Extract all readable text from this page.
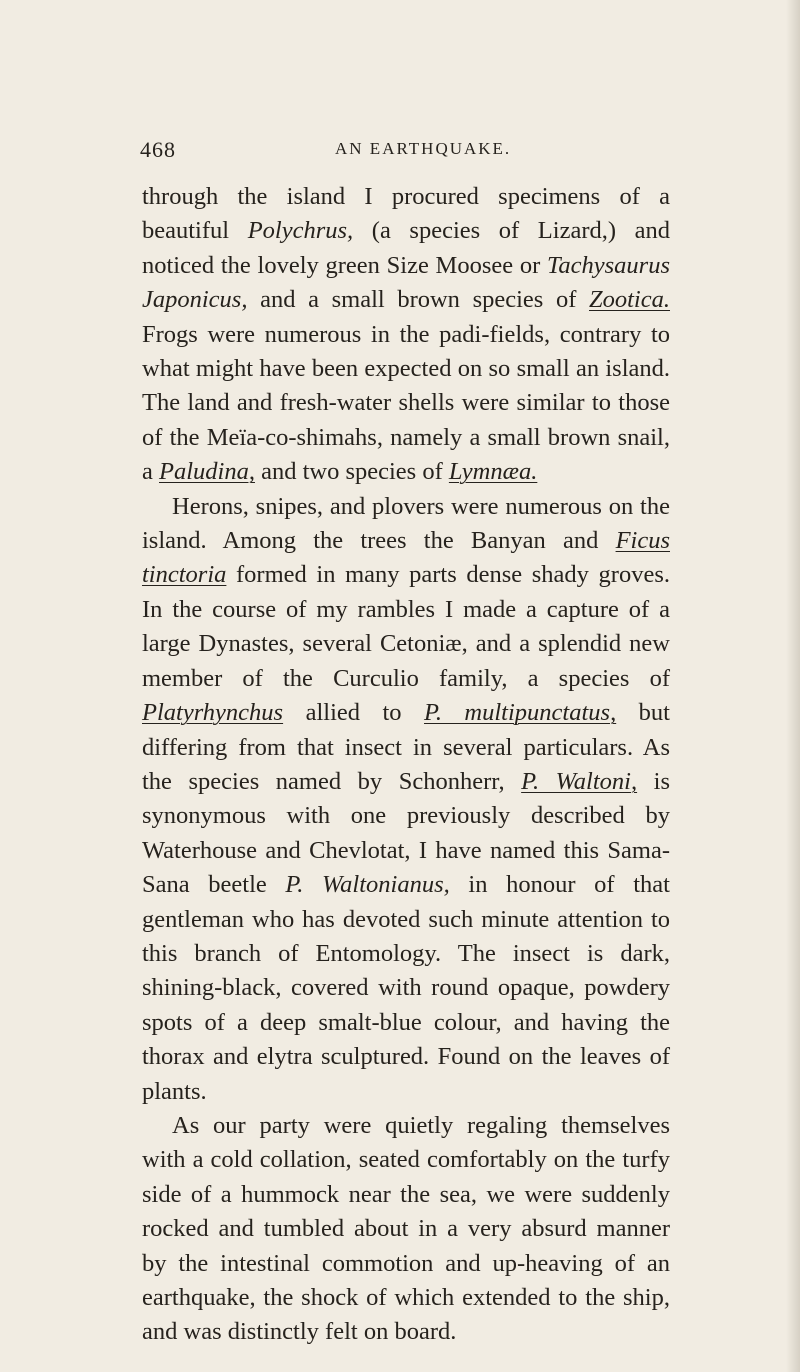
468	AN EARTHQUAKE.

through the island I procured specimens of a beautiful Polychrus, (a species of Lizard,) and noticed the lovely green Size Moosee or Tachysaurus Japonicus, and a small brown species of Zootica. Frogs were numerous in the padi-fields, contrary to what might have been expected on so small an island. The land and fresh-water shells were similar to those of the Meïa-co-shimahs, namely a small brown snail, a Paludina, and two species of Lymnæa.

Herons, snipes, and plovers were numerous on the island. Among the trees the Banyan and Ficus tinctoria formed in many parts dense shady groves. In the course of my rambles I made a capture of a large Dynastes, several Cetoniæ, and a splendid new member of the Curculio family, a species of Platyrhynchus allied to P. multipunctatus, but differing from that insect in several particulars. As the species named by Schonherr, P. Waltoni, is synonymous with one previously described by Waterhouse and Chevlotat, I have named this Sama-Sana beetle P. Waltonianus, in honour of that gentleman who has devoted such minute attention to this branch of Entomology. The insect is dark, shining-black, covered with round opaque, powdery spots of a deep smalt-blue colour, and having the thorax and elytra sculptured. Found on the leaves of plants.

As our party were quietly regaling themselves with a cold collation, seated comfortably on the turfy side of a hummock near the sea, we were suddenly rocked and tumbled about in a very absurd manner by the intestinal commotion and up-heaving of an earthquake, the shock of which extended to the ship, and was distinctly felt on board.
